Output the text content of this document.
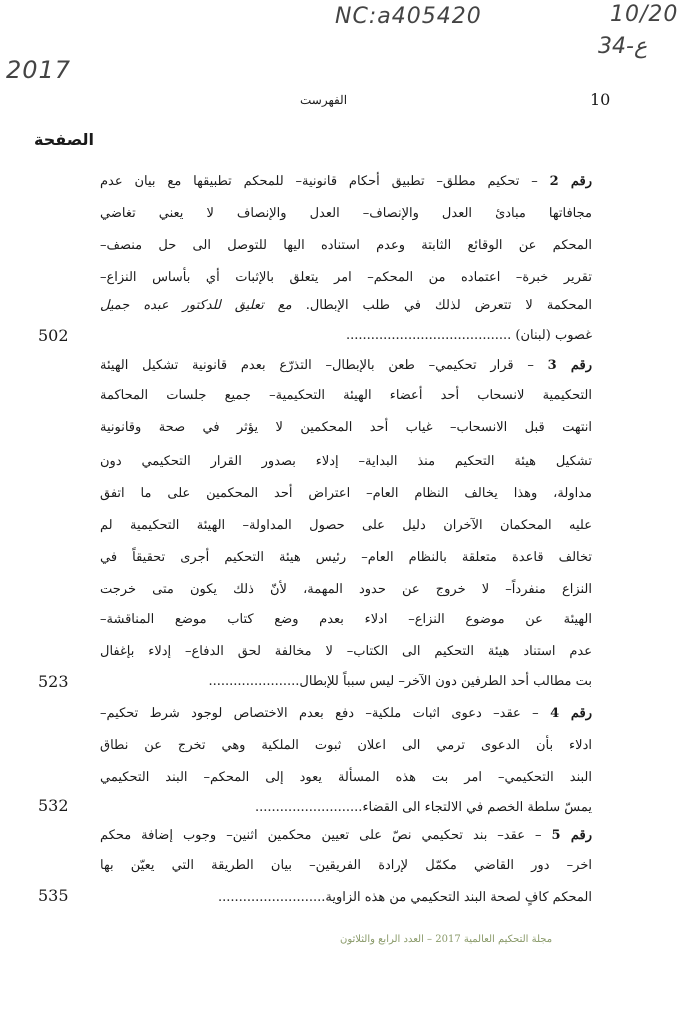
NC:a405420	10/20
34-ع
2017
10
الفهرست
الصفحة
رقم 2 – تحكيم مطلق– تطبيق أحكام قانونية– للمحكم تطبيقها مع بيان عدم
مجافاتها مبادئ العدل والإنصاف– العدل والإنصاف لا يعني تغاضي
المحكم عن الوقائع الثابتة وعدم استناده اليها للتوصل الى حل منصف–
تقرير خبرة– اعتماده من المحكم– امر يتعلق بالإثبات أي بأساس النزاع–
المحكمة لا تتعرض لذلك في طلب الإبطال. مع تعليق للدكتور عبده جميل
غصوب (لبنان) ........................................
502
رقم 3 – قرار تحكيمي– طعن بالإبطال– التذرّع بعدم قانونية تشكيل الهيئة
التحكيمية لانسحاب أحد أعضاء الهيئة التحكيمية– جميع جلسات المحاكمة
انتهت قبل الانسحاب– غياب أحد المحكمين لا يؤثر في صحة وقانونية
تشكيل هيئة التحكيم منذ البداية– إدلاء بصدور القرار التحكيمي دون
مداولة، وهذا يخالف النظام العام– اعتراض أحد المحكمين على ما اتفق
عليه المحكمان الآخران دليل على حصول المداولة– الهيئة التحكيمية لم
تخالف قاعدة متعلقة بالنظام العام– رئيس هيئة التحكيم أجرى تحقيقاً في
النزاع منفرداً– لا خروج عن حدود المهمة، لأنّ ذلك يكون متى خرجت
الهيئة عن موضوع النزاع– ادلاء بعدم وضع كتاب موضع المناقشة–
عدم استناد هيئة التحكيم الى الكتاب– لا مخالفة لحق الدفاع– إدلاء بإغفال
بت مطالب أحد الطرفين دون الآخر– ليس سبباً للإبطال......................
523
رقم 4 – عقد– دعوى اثبات ملكية– دفع بعدم الاختصاص لوجود شرط تحكيم–
ادلاء بأن الدعوى ترمي الى اعلان ثبوت الملكية وهي تخرج عن نطاق
البند التحكيمي– امر بت هذه المسألة يعود إلى المحكم– البند التحكيمي
يمسّ سلطة الخصم في الالتجاء الى القضاء..........................
532
رقم 5 – عقد– بند تحكيمي نصّ على تعيين محكمين اثنين– وجوب إضافة محكم
اخر– دور القاضي مكمّل لإرادة الفريقين– بيان الطريقة التي يعيّن بها
المحكم كافٍ لصحة البند التحكيمي من هذه الزاوية..........................
535
مجلة التحكيم العالمية 2017 – العدد الرابع والثلاثون
